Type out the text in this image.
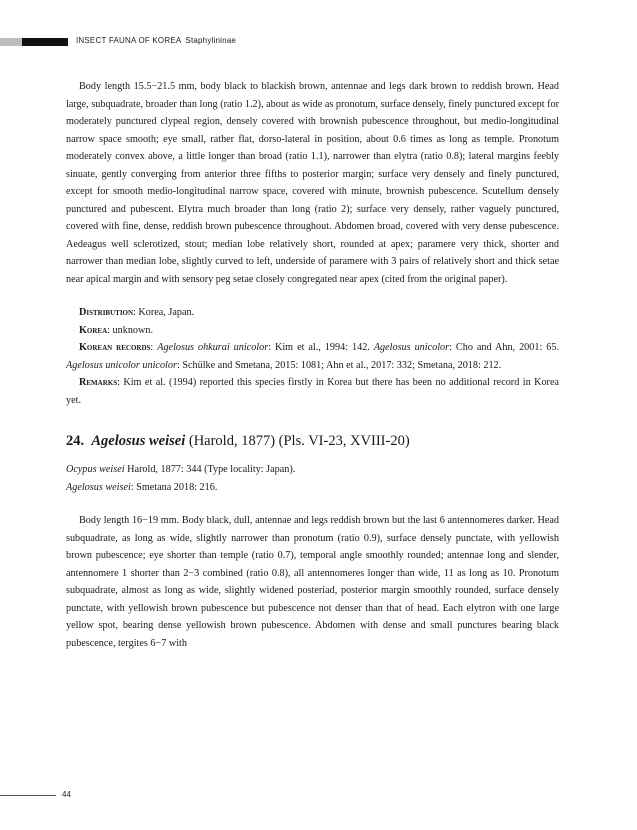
INSECT FAUNA OF KOREA Staphylininae

Body length 15.5−21.5 mm, body black to blackish brown, antennae and legs dark brown to reddish brown. Head large, subquadrate, broader than long (ratio 1.2), about as wide as pronotum, surface densely, finely punctured except for moderately punctured clypeal region, densely covered with brownish pubescence throughout, but medio-longitudinal narrow space smooth; eye small, rather flat, dorso-lateral in position, about 0.6 times as long as temple. Pronotum moderately convex above, a little longer than broad (ratio 1.1), narrower than elytra (ratio 0.8); lateral margins feebly sinuate, gently converging from anterior three fifths to posterior margin; surface very densely and finely punctured, except for smooth medio-longitudinal narrow space, covered with minute, brownish pubescence. Scutellum densely punctured and pubescent. Elytra much broader than long (ratio 2); surface very densely, rather vaguely punctured, covered with fine, dense, reddish brown pubescence throughout. Abdomen broad, covered with very dense pubescence. Aedeagus well sclerotized, stout; median lobe relatively short, rounded at apex; paramere very thick, shorter and narrower than median lobe, slightly curved to left, underside of paramere with 3 pairs of relatively short and thick setae near apical margin and with sensory peg setae closely congregated near apex (cited from the original paper).

Distribution: Korea, Japan.

Korea: unknown.

Korean records: Agelosus ohkurai unicolor: Kim et al., 1994: 142. Agelosus unicolor: Cho and Ahn, 2001: 65. Agelosus unicolor unicolor: Schülke and Smetana, 2015: 1081; Ahn et al., 2017: 332; Smetana, 2018: 212.

Remarks: Kim et al. (1994) reported this species firstly in Korea but there has been no additional record in Korea yet.

24. Agelosus weisei (Harold, 1877) (Pls. VI-23, XVIII-20)

Ocypus weisei Harold, 1877: 344 (Type locality: Japan).

Agelosus weisei: Smetana 2018: 216.

Body length 16−19 mm. Body black, dull, antennae and legs reddish brown but the last 6 antennomeres darker. Head subquadrate, as long as wide, slightly narrower than pronotum (ratio 0.9), surface densely punctate, with yellowish brown pubescence; eye shorter than temple (ratio 0.7), temporal angle smoothly rounded; antennae long and slender, antennomere 1 shorter than 2−3 combined (ratio 0.8), all antennomeres longer than wide, 11 as long as 10. Pronotum subquadrate, almost as long as wide, slightly widened posteriad, posterior margin smoothly rounded, surface densely punctate, with yellowish brown pubescence but pubescence not denser than that of head. Each elytron with one large yellow spot, bearing dense yellowish brown pubescence. Abdomen with dense and small punctures bearing black pubescence, tergites 6−7 with

44
